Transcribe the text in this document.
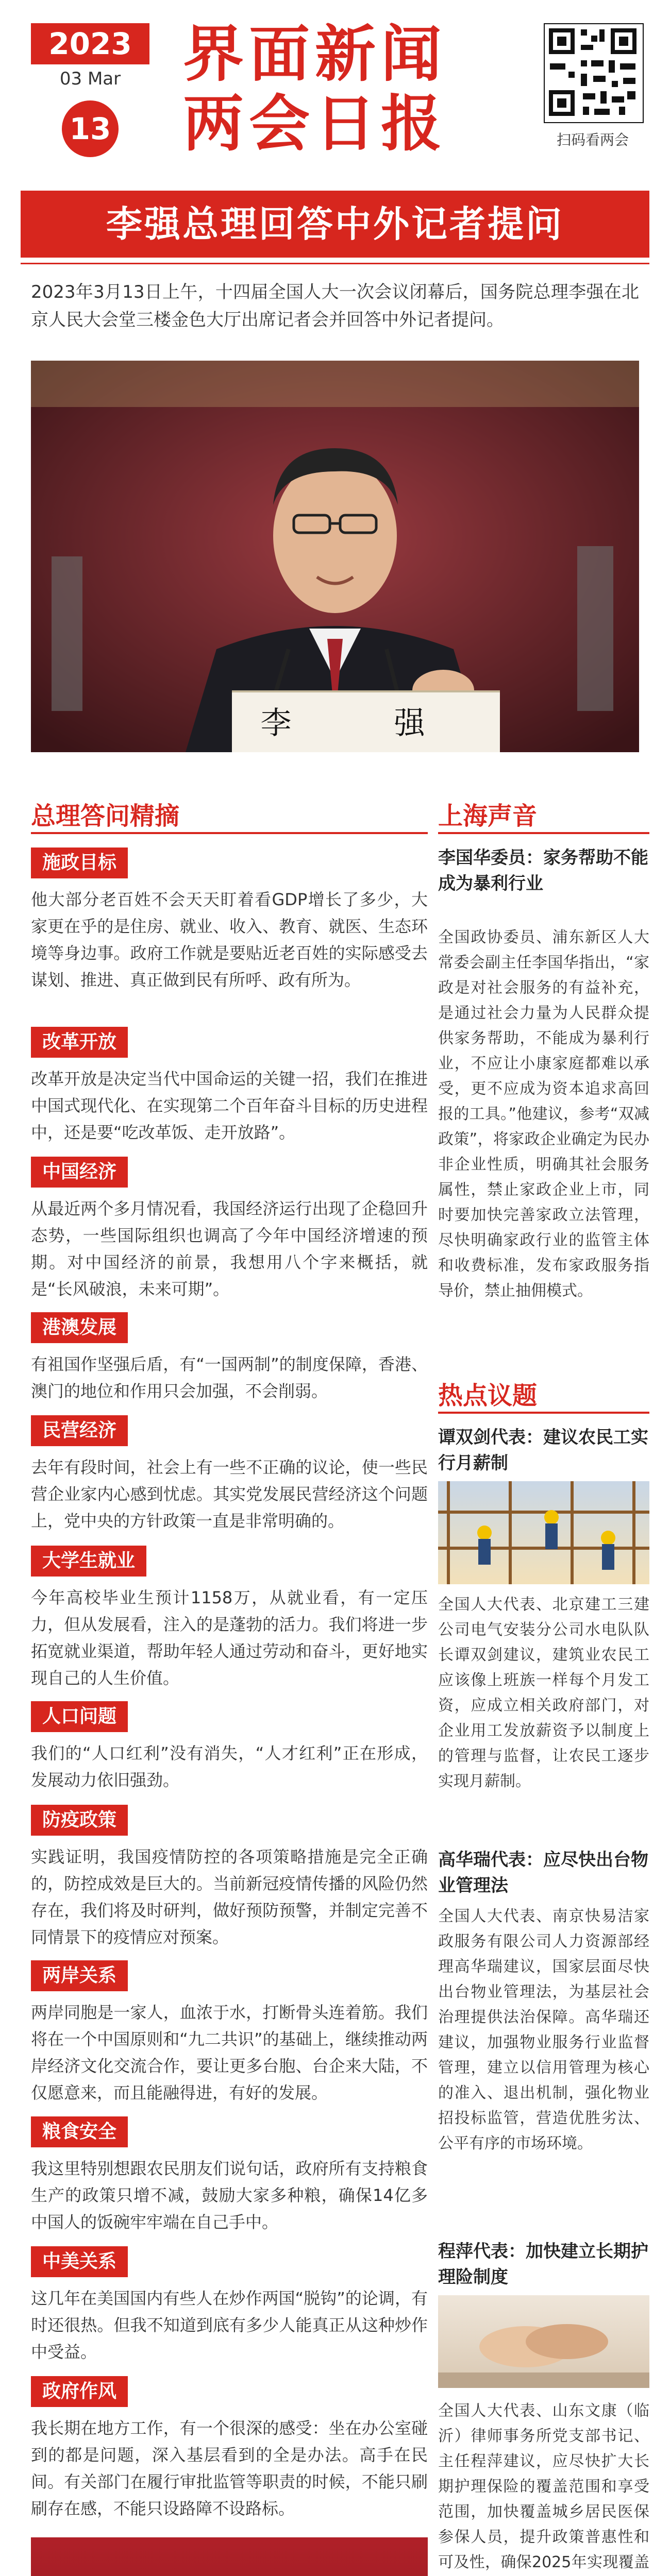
2023
03 Mar
13
界面新闻
两会日报	扫码看两会
李强总理回答中外记者提问
2023年3月13日上午，十四届全国人大一次会议闭幕后，国务院总理李强在北京人民大会堂三楼金色大厅出席记者会并回答中外记者提问。
李 强
总理答问精摘
施政目标
他大部分老百姓不会天天盯着看GDP增长了多少，大家更在乎的是住房、就业、收入、教育、就医、生态环境等身边事。政府工作就是要贴近老百姓的实际感受去谋划、推进、真正做到民有所呼、政有所为。
改革开放
改革开放是决定当代中国命运的关键一招，我们在推进中国式现代化、在实现第二个百年奋斗目标的历史进程中，还是要“吃改革饭、走开放路”。
中国经济
从最近两个多月情况看，我国经济运行出现了企稳回升态势，一些国际组织也调高了今年中国经济增速的预期。对中国经济的前景，我想用八个字来概括，就是“长风破浪，未来可期”。
港澳发展
有祖国作坚强后盾，有“一国两制”的制度保障，香港、澳门的地位和作用只会加强，不会削弱。
民营经济
去年有段时间，社会上有一些不正确的议论，使一些民营企业家内心感到忧虑。其实党发展民营经济这个问题上，党中央的方针政策一直是非常明确的。
大学生就业
今年高校毕业生预计1158万，从就业看，有一定压力，但从发展看，注入的是蓬勃的活力。我们将进一步拓宽就业渠道，帮助年轻人通过劳动和奋斗，更好地实现自己的人生价值。
人口问题
我们的“人口红利”没有消失，“人才红利”正在形成，发展动力依旧强劲。
防疫政策
实践证明，我国疫情防控的各项策略措施是完全正确的，防控成效是巨大的。当前新冠疫情传播的风险仍然存在，我们将及时研判，做好预防预警，并制定完善不同情景下的疫情应对预案。
两岸关系
两岸同胞是一家人，血浓于水，打断骨头连着筋。我们将在一个中国原则和“九二共识”的基础上，继续推动两岸经济文化交流合作，要让更多台胞、台企来大陆，不仅愿意来，而且能融得进，有好的发展。
粮食安全
我这里特别想跟农民朋友们说句话，政府所有支持粮食生产的政策只增不减，鼓励大家多种粮，确保14亿多中国人的饭碗牢牢端在自己手中。
中美关系
这几年在美国国内有些人在炒作两国“脱钩”的论调，有时还很热。但我不知道到底有多少人能真正从这种炒作中受益。
政府作风
我长期在地方工作，有一个很深的感受：坐在办公室碰到的都是问题，深入基层看到的全是办法。高手在民间。有关部门在履行审批监管等职责的时候，不能只刷刷存在感，不能只设路障不设路标。
上海声音
李国华委员：家务帮助不能成为暴利行业
全国政协委员、浦东新区人大常委会副主任李国华指出，“家政是对社会服务的有益补充，是通过社会力量为人民群众提供家务帮助，不能成为暴利行业，不应让小康家庭都难以承受，更不应成为资本追求高回报的工具。”他建议，参考“双减政策”，将家政企业确定为民办非企业性质，明确其社会服务属性，禁止家政企业上市，同时要加快完善家政立法管理，尽快明确家政行业的监管主体和收费标准，发布家政服务指导价，禁止抽佣模式。
热点议题
谭双剑代表：建议农民工实行月薪制
全国人大代表、北京建工三建公司电气安装分公司水电队队长谭双剑建议，建筑业农民工应该像上班族一样每个月发工资，应成立相关政府部门，对企业用工发放薪资予以制度上的管理与监督，让农民工逐步实现月薪制。
高华瑞代表：应尽快出台物业管理法
全国人大代表、南京快易洁家政服务有限公司人力资源部经理高华瑞建议，国家层面尽快出台物业管理法，为基层社会治理提供法治保障。高华瑞还建议，加强物业服务行业监督管理，建立以信用管理为核心的准入、退出机制，强化物业招投标监管，营造优胜劣汰、公平有序的市场环境。
程萍代表：加快建立长期护理险制度
全国人大代表、山东文康（临沂）律师事务所党支部书记、主任程萍建议，应尽快扩大长期护理保险的覆盖范围和享受范围，加快覆盖城乡居民医保参保人员，提升政策普惠性和可及性，确保2025年实现覆盖
